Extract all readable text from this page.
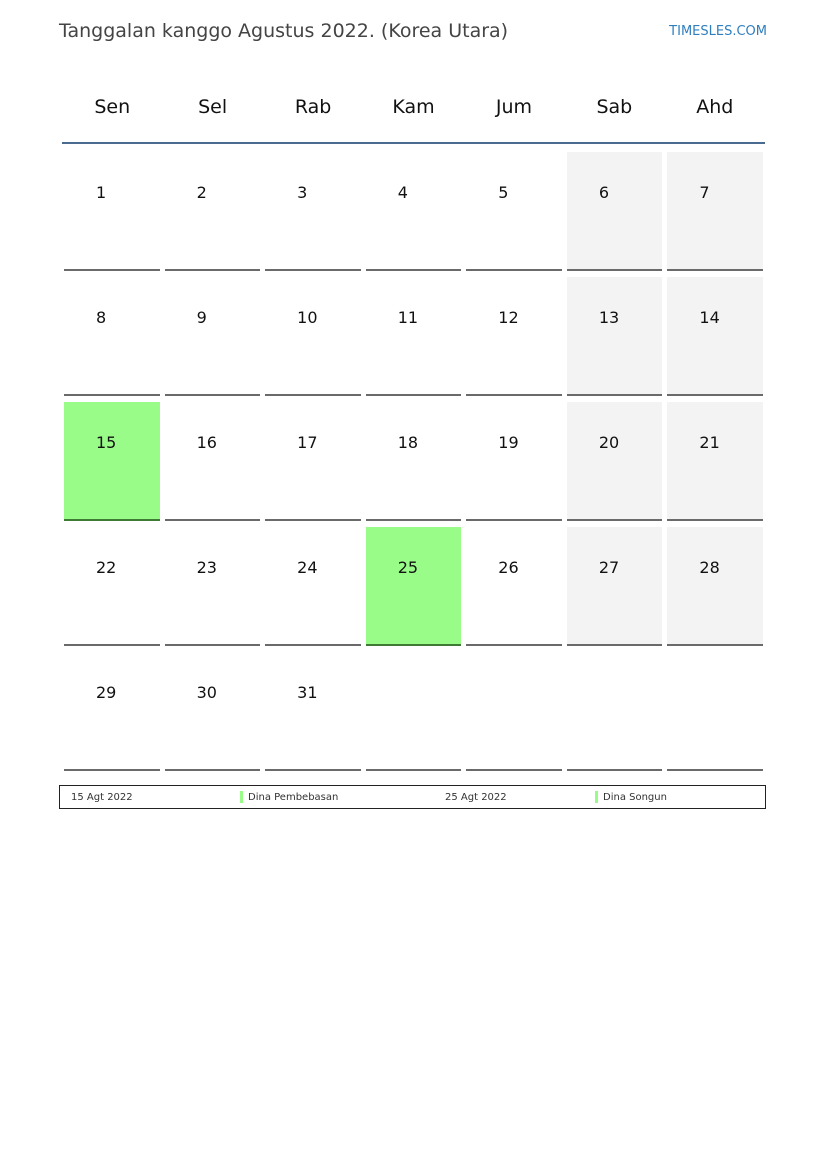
Tanggalan kanggo Agustus 2022. (Korea Utara)	TIMESLES.COM
Sen	Sel	Rab	Kam	Jum	Sab	Ahd
1	2	3	4	5	6	7
8	9	10	11	12	13	14
15	16	17	18	19	20	21
22	23	24	25	26	27	28
29	30	31
15 Agt 2022	Dina Pembebasan	25 Agt 2022	Dina Songun
